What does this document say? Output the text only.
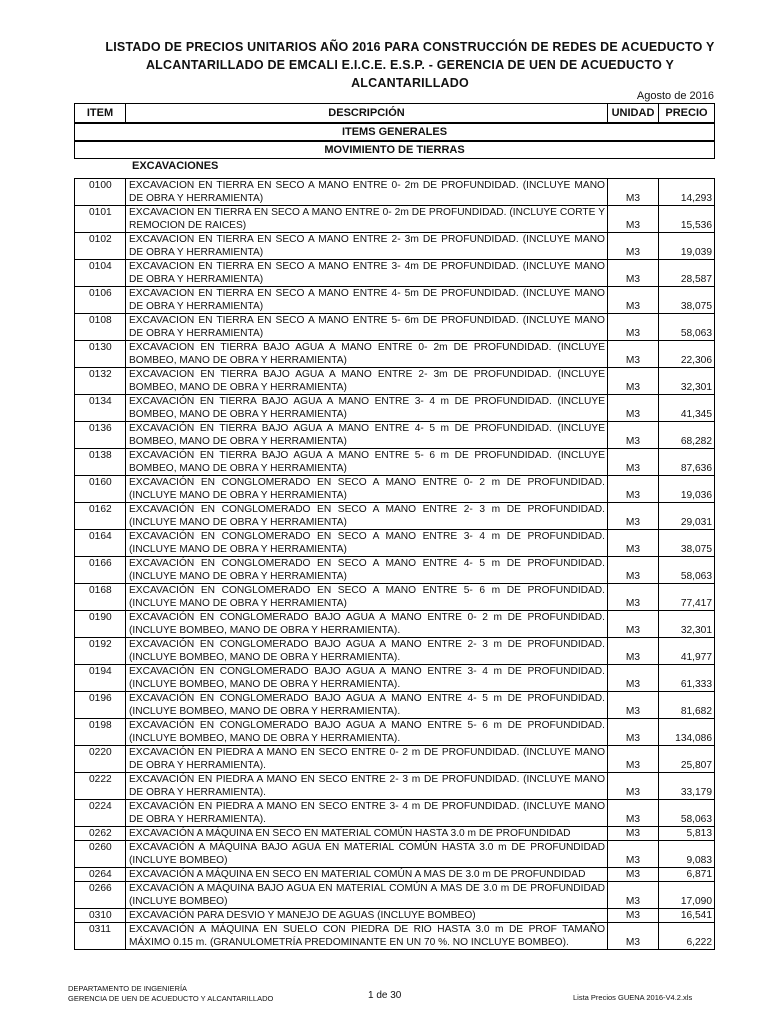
LISTADO DE PRECIOS UNITARIOS AÑO 2016 PARA CONSTRUCCIÓN DE REDES DE ACUEDUCTO Y
ALCANTARILLADO DE EMCALI E.I.C.E. E.S.P. - GERENCIA DE UEN DE ACUEDUCTO Y ALCANTARILLADO
Agosto de 2016
ITEM	DESCRIPCIÓN	UNIDAD	PRECIO
ITEMS GENERALES
MOVIMIENTO DE TIERRAS
EXCAVACIONES
0100	EXCAVACION EN TIERRA EN SECO A MANO ENTRE 0- 2m DE PROFUNDIDAD. (INCLUYE MANO DE OBRA Y HERRAMIENTA)	M3	14,293
0101	EXCAVACION EN TIERRA EN SECO A MANO ENTRE 0- 2m DE PROFUNDIDAD. (INCLUYE CORTE Y REMOCION DE RAICES)	M3	15,536
0102	EXCAVACION EN TIERRA EN SECO A MANO ENTRE 2- 3m DE PROFUNDIDAD. (INCLUYE MANO DE OBRA Y HERRAMIENTA)	M3	19,039
0104	EXCAVACION EN TIERRA EN SECO A MANO ENTRE 3- 4m DE PROFUNDIDAD. (INCLUYE MANO DE OBRA Y HERRAMIENTA)	M3	28,587
0106	EXCAVACION EN TIERRA EN SECO A MANO ENTRE 4- 5m DE PROFUNDIDAD. (INCLUYE MANO DE OBRA Y HERRAMIENTA)	M3	38,075
0108	EXCAVACION EN TIERRA EN SECO A MANO ENTRE 5- 6m DE PROFUNDIDAD. (INCLUYE MANO DE OBRA Y HERRAMIENTA)	M3	58,063
0130	EXCAVACION EN TIERRA BAJO AGUA A MANO ENTRE 0- 2m DE PROFUNDIDAD. (INCLUYE BOMBEO, MANO DE OBRA Y HERRAMIENTA)	M3	22,306
0132	EXCAVACION EN TIERRA BAJO AGUA A MANO ENTRE 2- 3m DE PROFUNDIDAD. (INCLUYE BOMBEO, MANO DE OBRA Y HERRAMIENTA)	M3	32,301
0134	EXCAVACIÓN EN TIERRA BAJO AGUA A MANO ENTRE 3- 4 m DE PROFUNDIDAD. (INCLUYE BOMBEO, MANO DE OBRA Y HERRAMIENTA)	M3	41,345
0136	EXCAVACIÓN EN TIERRA BAJO AGUA A MANO ENTRE 4- 5 m DE PROFUNDIDAD. (INCLUYE BOMBEO, MANO DE OBRA Y HERRAMIENTA)	M3	68,282
0138	EXCAVACIÓN EN TIERRA BAJO AGUA A MANO ENTRE 5- 6 m DE PROFUNDIDAD. (INCLUYE BOMBEO, MANO DE OBRA Y HERRAMIENTA)	M3	87,636
0160	EXCAVACIÓN EN CONGLOMERADO EN SECO A MANO ENTRE 0- 2 m DE PROFUNDIDAD. (INCLUYE MANO DE OBRA Y HERRAMIENTA)	M3	19,036
0162	EXCAVACIÓN EN CONGLOMERADO EN SECO A MANO ENTRE 2- 3 m DE PROFUNDIDAD. (INCLUYE MANO DE OBRA Y HERRAMIENTA)	M3	29,031
0164	EXCAVACIÓN EN CONGLOMERADO EN SECO A MANO ENTRE 3- 4 m DE PROFUNDIDAD. (INCLUYE MANO DE OBRA Y HERRAMIENTA)	M3	38,075
0166	EXCAVACIÓN EN CONGLOMERADO EN SECO A MANO ENTRE 4- 5 m DE PROFUNDIDAD. (INCLUYE MANO DE OBRA Y HERRAMIENTA)	M3	58,063
0168	EXCAVACIÓN EN CONGLOMERADO EN SECO A MANO ENTRE 5- 6 m DE PROFUNDIDAD. (INCLUYE MANO DE OBRA Y HERRAMIENTA)	M3	77,417
0190	EXCAVACIÓN EN CONGLOMERADO BAJO AGUA A MANO ENTRE 0- 2 m DE PROFUNDIDAD. (INCLUYE BOMBEO, MANO DE OBRA Y HERRAMIENTA).	M3	32,301
0192	EXCAVACIÓN EN CONGLOMERADO BAJO AGUA A MANO ENTRE 2- 3 m DE PROFUNDIDAD. (INCLUYE BOMBEO, MANO DE OBRA Y HERRAMIENTA).	M3	41,977
0194	EXCAVACIÓN EN CONGLOMERADO BAJO AGUA A MANO ENTRE 3- 4 m DE PROFUNDIDAD. (INCLUYE BOMBEO, MANO DE OBRA Y HERRAMIENTA).	M3	61,333
0196	EXCAVACIÓN EN CONGLOMERADO BAJO AGUA A MANO ENTRE 4- 5 m DE PROFUNDIDAD. (INCLUYE BOMBEO, MANO DE OBRA Y HERRAMIENTA).	M3	81,682
0198	EXCAVACIÓN EN CONGLOMERADO BAJO AGUA A MANO ENTRE 5- 6 m DE PROFUNDIDAD. (INCLUYE BOMBEO, MANO DE OBRA Y HERRAMIENTA).	M3	134,086
0220	EXCAVACIÓN EN PIEDRA A MANO EN SECO ENTRE 0- 2 m DE PROFUNDIDAD. (INCLUYE MANO DE OBRA Y HERRAMIENTA).	M3	25,807
0222	EXCAVACIÓN EN PIEDRA A MANO EN SECO ENTRE 2- 3 m DE PROFUNDIDAD. (INCLUYE MANO DE OBRA Y HERRAMIENTA).	M3	33,179
0224	EXCAVACIÓN EN PIEDRA A MANO EN SECO ENTRE 3- 4 m DE PROFUNDIDAD. (INCLUYE MANO DE OBRA Y HERRAMIENTA).	M3	58,063
0262	EXCAVACIÓN A MÁQUINA EN SECO EN MATERIAL COMÚN HASTA 3.0 m DE PROFUNDIDAD	M3	5,813
0260	EXCAVACIÓN A MÁQUINA BAJO AGUA EN MATERIAL COMÚN HASTA 3.0 m DE PROFUNDIDAD (INCLUYE BOMBEO)	M3	9,083
0264	EXCAVACIÓN A MÁQUINA EN SECO EN MATERIAL COMÚN A MAS DE 3.0 m DE PROFUNDIDAD	M3	6,871
0266	EXCAVACIÓN A MÁQUINA BAJO AGUA EN MATERIAL COMÚN A MAS DE 3.0 m DE PROFUNDIDAD (INCLUYE BOMBEO)	M3	17,090
0310	EXCAVACIÓN PARA DESVIO Y MANEJO DE AGUAS (INCLUYE BOMBEO)	M3	16,541
0311	EXCAVACIÓN A MÁQUINA EN SUELO CON PIEDRA DE RIO HASTA 3.0 m DE PROF TAMAÑO MÁXIMO 0.15 m. (GRANULOMETRÍA PREDOMINANTE EN UN 70 %. NO INCLUYE BOMBEO).	M3	6,222
DEPARTAMENTO DE INGENIERÍA
GERENCIA DE UEN DE ACUEDUCTO Y ALCANTARILLADO	1 de 30	Lista Precios GUENA 2016-V4.2.xls
